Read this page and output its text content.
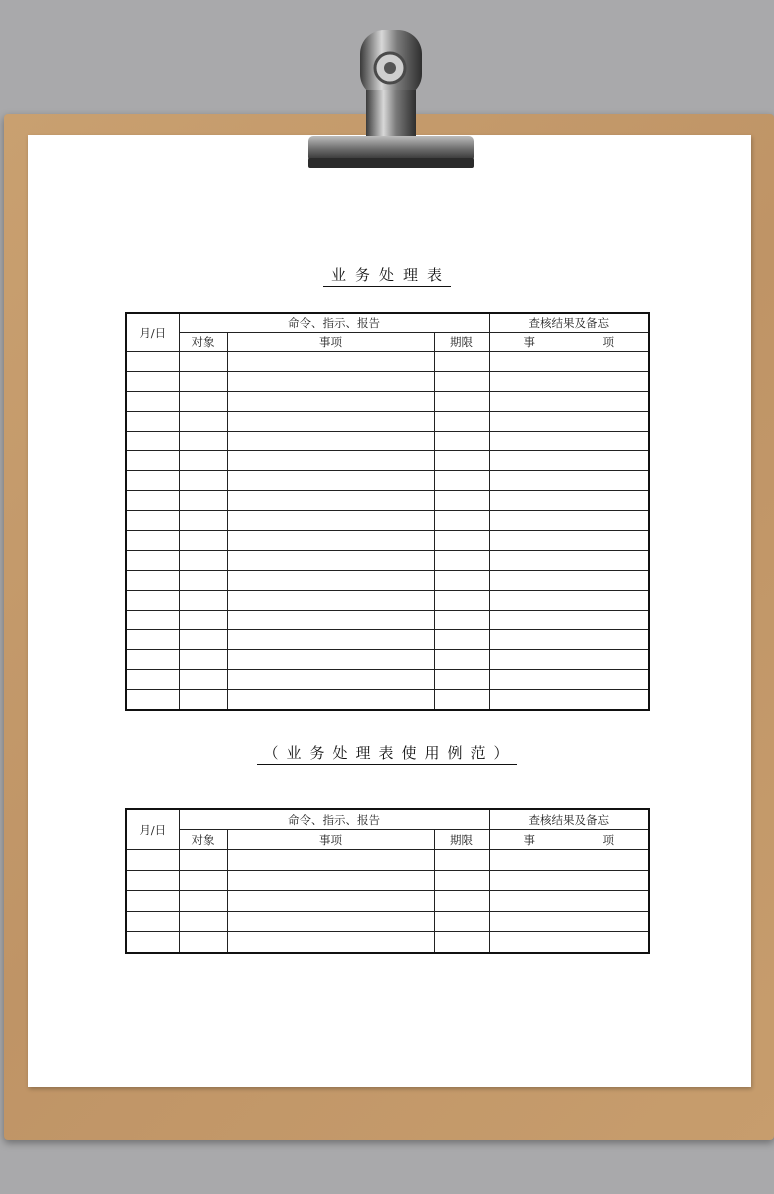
业务处理表
月/日	命令、指示、报告			查核结果及备忘
	对象	事项	期限	事 项

（业务处理表使用例范）
月/日	命令、指示、报告			查核结果及备忘
	对象	事项	期限	事 项
